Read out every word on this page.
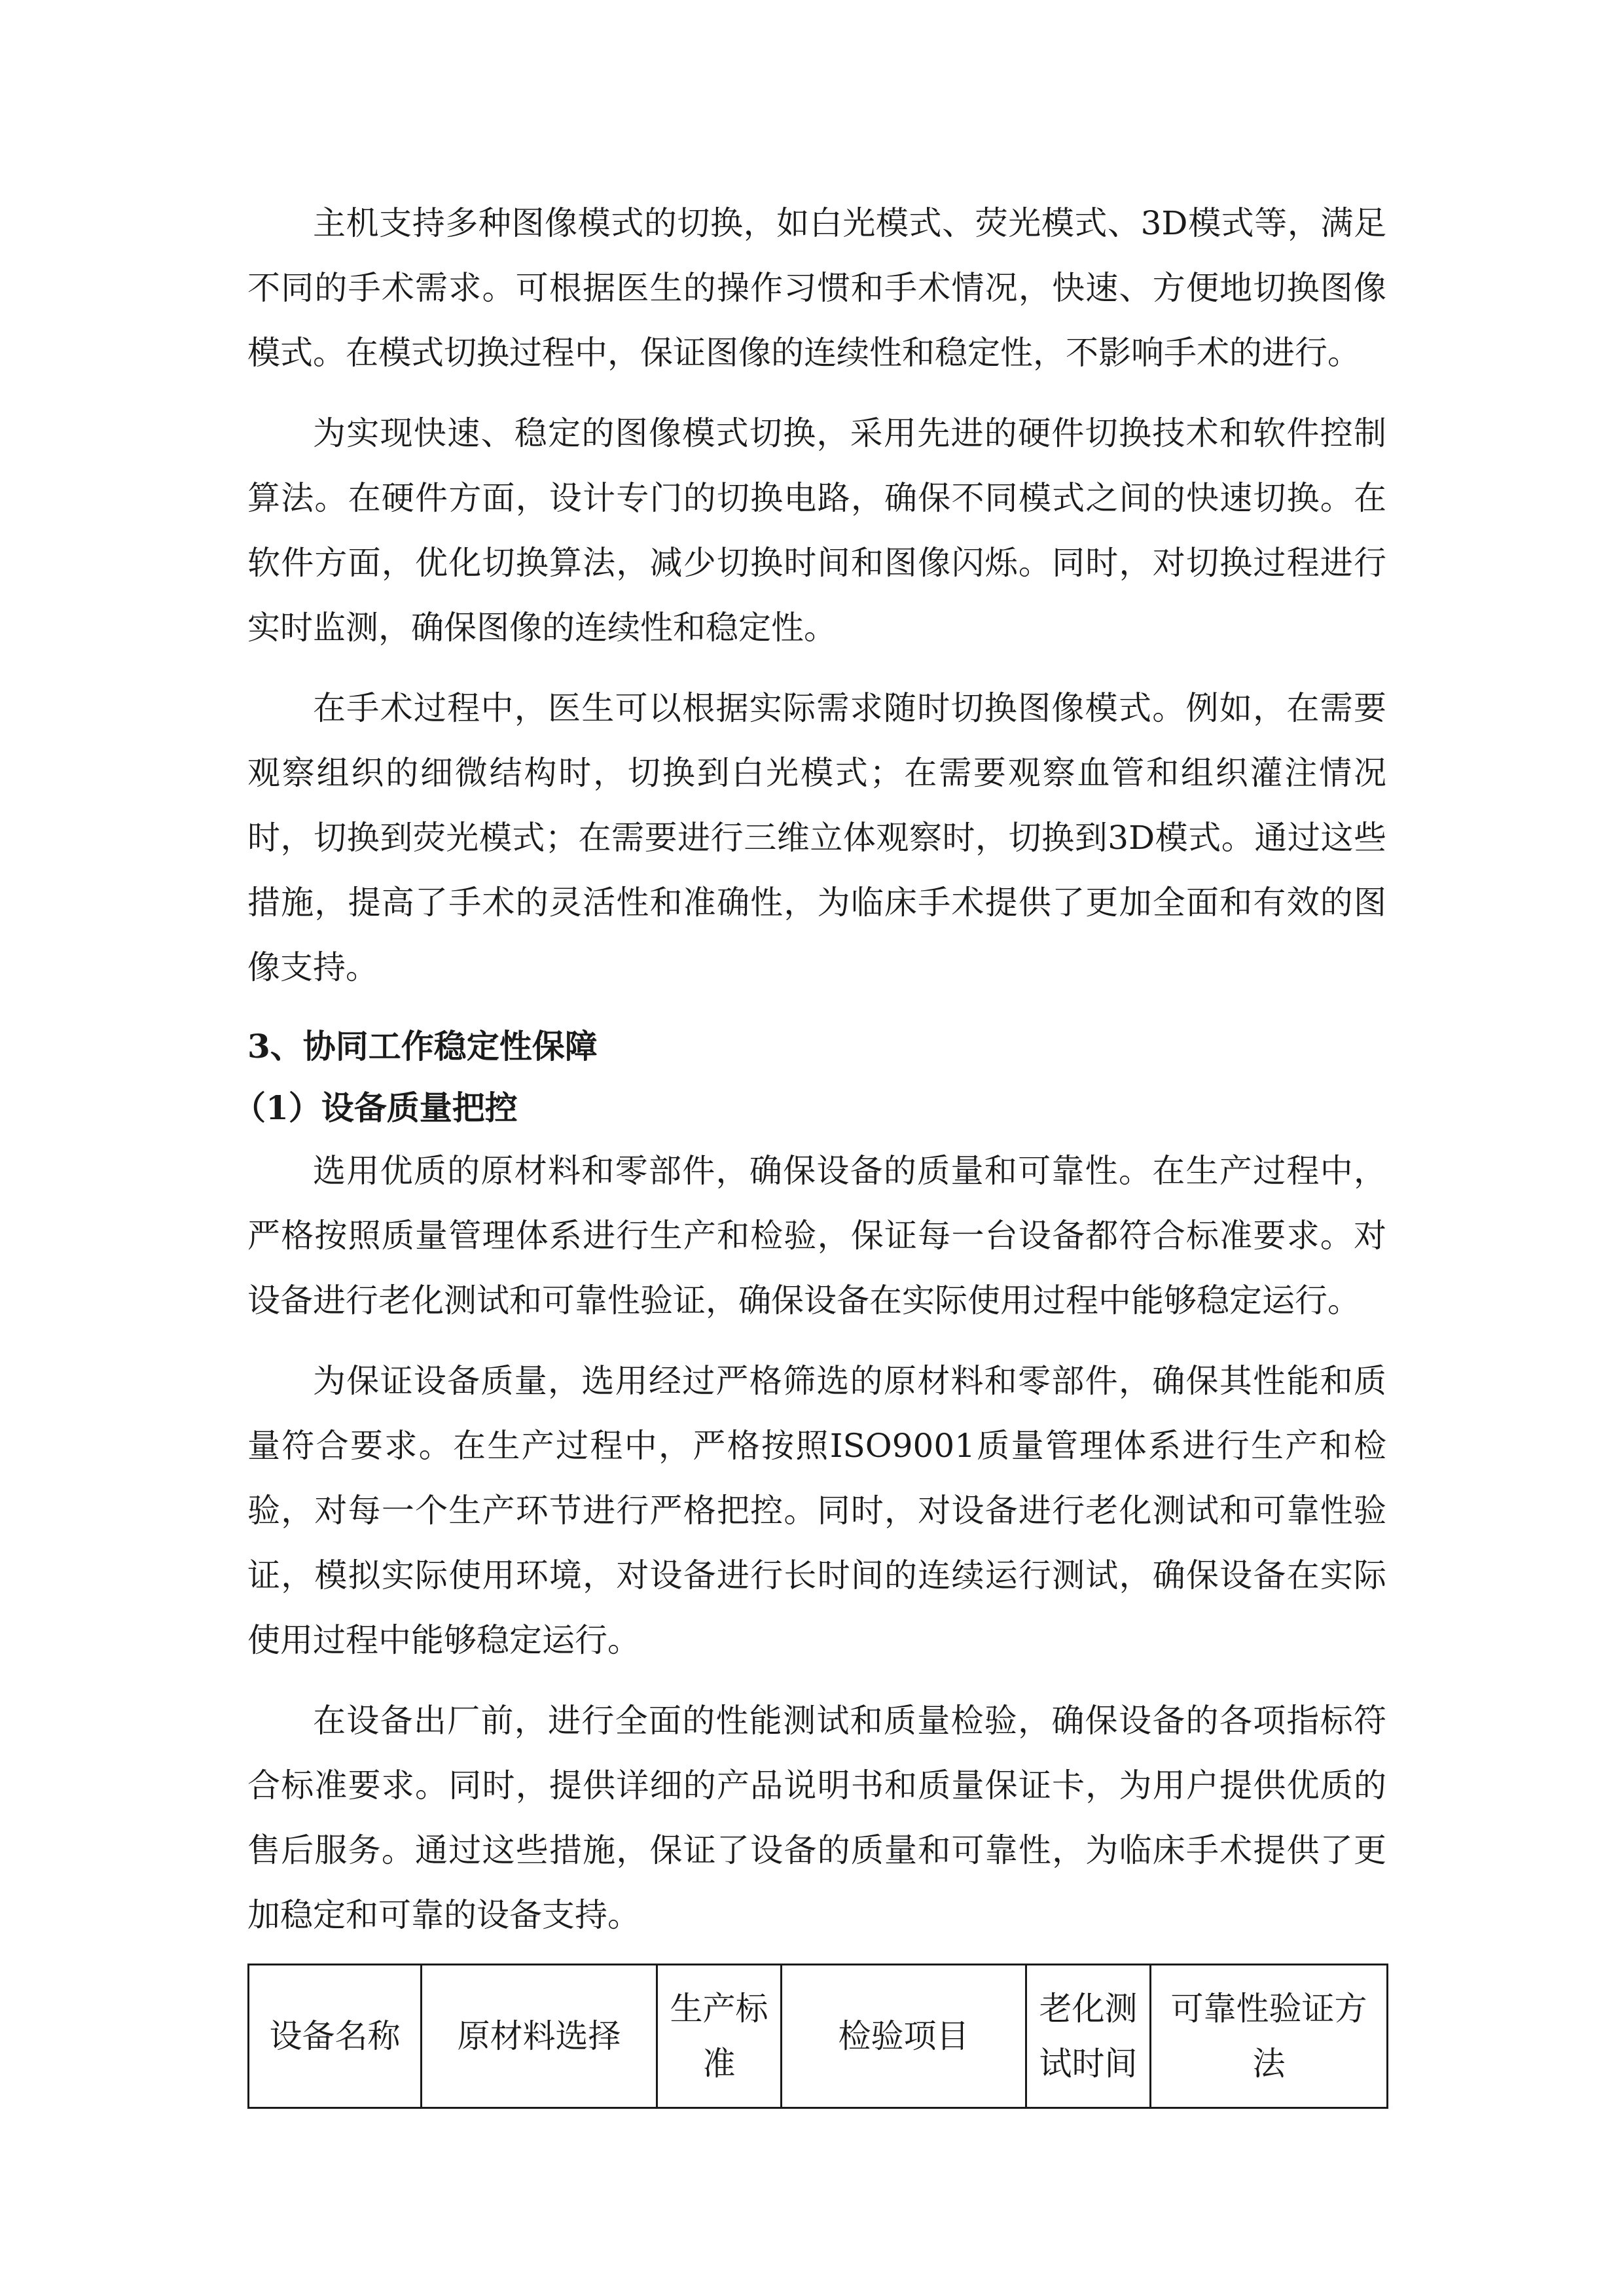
主机支持多种图像模式的切换，如白光模式、荧光模式、3D模式等，满足不同的手术需求。可根据医生的操作习惯和手术情况，快速、方便地切换图像模式。在模式切换过程中，保证图像的连续性和稳定性，不影响手术的进行。

为实现快速、稳定的图像模式切换，采用先进的硬件切换技术和软件控制算法。在硬件方面，设计专门的切换电路，确保不同模式之间的快速切换。在软件方面，优化切换算法，减少切换时间和图像闪烁。同时，对切换过程进行实时监测，确保图像的连续性和稳定性。

在手术过程中，医生可以根据实际需求随时切换图像模式。例如，在需要观察组织的细微结构时，切换到白光模式；在需要观察血管和组织灌注情况时，切换到荧光模式；在需要进行三维立体观察时，切换到3D模式。通过这些措施，提高了手术的灵活性和准确性，为临床手术提供了更加全面和有效的图像支持。

3、协同工作稳定性保障
（1）设备质量把控

选用优质的原材料和零部件，确保设备的质量和可靠性。在生产过程中，严格按照质量管理体系进行生产和检验，保证每一台设备都符合标准要求。对设备进行老化测试和可靠性验证，确保设备在实际使用过程中能够稳定运行。

为保证设备质量，选用经过严格筛选的原材料和零部件，确保其性能和质量符合要求。在生产过程中，严格按照ISO9001质量管理体系进行生产和检验，对每一个生产环节进行严格把控。同时，对设备进行老化测试和可靠性验证，模拟实际使用环境，对设备进行长时间的连续运行测试，确保设备在实际使用过程中能够稳定运行。

在设备出厂前，进行全面的性能测试和质量检验，确保设备的各项指标符合标准要求。同时，提供详细的产品说明书和质量保证卡，为用户提供优质的售后服务。通过这些措施，保证了设备的质量和可靠性，为临床手术提供了更加稳定和可靠的设备支持。

设备名称	原材料选择	生产标准	检验项目	老化测试时间	可靠性验证方法
